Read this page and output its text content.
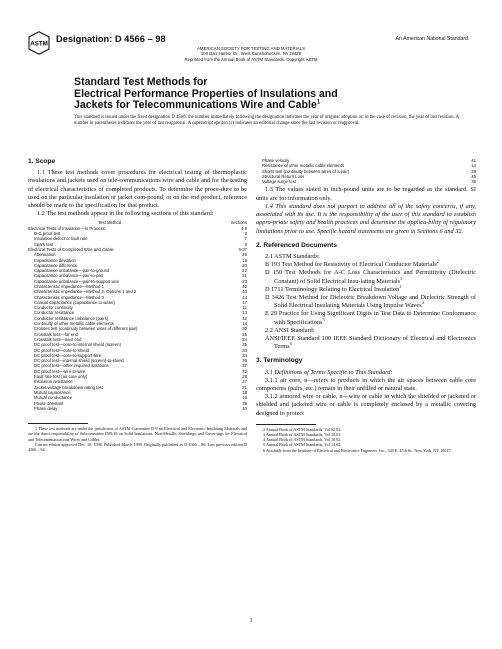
ASTM Designation: D 4566 – 98	An American National Standard
AMERICAN SOCIETY FOR TESTING AND MATERIALS
100 Barr Harbor Dr., West Conshohocken, PA 19428
Reprinted from the Annual Book of ASTM Standards. Copyright ASTM
Standard Test Methods for
Electrical Performance Properties of Insulations and
Jackets for Telecommunications Wire and Cable$^1$
This standard is issued under the fixed designation D 4566; the number immediately following the designation indicates the year of original adoption or, in the case of revision, the year of last revision. A number in parentheses indicates the year of last reapproval. A superscript epsilon (ε) indicates an editorial change since the last revision or reapproval.
1. Scope

1.1 These test methods cover procedures for electrical testing of thermoplastic insulations and jackets used on tele-communications wire and cable and for the testing of electrical characteristics of completed products. To determine the proce-dure to be used on the particular insulation or jacket com-pound, or on the end product, reference should be made to the specification for that product.

1.2 The test methods appear in the following sections of this standard:

Test Method	Sections
Electrical Tests of Insulation—In Process:	4-8
D-C proof test	8
Insulation defect or fault rate	7
Spark test	6
Electrical Tests of Completed Wire and Cable:	9-37
Attenuation	26
Capacitance deviation	19
Capacitance difference	20
Capacitance unbalance—pair-to-ground	22
Capacitance unbalance—pair-to-pair	21
Capacitance unbalance—pair-to-support wire	23
Characteristic impedance—Method 1	42
Characteristic impedance—Method 2, Options 1 and 2	43
Characteristic impedance—Method 3	44
Coaxial capacitance (capacitance to water)	17
Conductor continuity	11
Conductor resistance	13
Conductor resistance unbalance (pairs)	12
Continuity of other metallic cable elements	14
Crosses test (continuity between wires of different pair)	30
Crosstalk loss—far end	25
Crosstalk loss—near end	24
DC proof test—core-to-internal shield (screen)	35
DC proof test—core-to-shield	33
DC proof test—core-to-support wire	34
DC proof test—internal shield (screen)-to-shield	36
DC proof test—other required isolations	37
DC proof test—wire-to-wire	32
Fault rate test (air core only)	28
Insulation resistance	27
Jacket voltage breakdown rating test	31
Mutual capacitance	18
Mutual conductance	16
Phase constant	39
Phase delay	40
1 These test methods are under the jurisdiction of ASTM Committee D-9 on Electrical and Electronic Insulating Materials and are the direct responsibility of Subcommittee D09.18 on Solid Insulations, Non-Metallic Shieldings, and Cover-ings for Electrical and Telecommunications Wires and Cables.
Current edition approved Dec. 10, 1998. Published March 1999. Originally published as D 4566 – 86. Last previous edition D 4566 – 94.
Phase velocity	41
Resistance of other metallic cable elements	14
Shorts test (continuity between wires of a pair)	29
Structural Return Loss	45
Voltage surge test	38

1.3 The values stated in inch-pound units are to be regarded as the standard. SI units are for information only.

1.4 This standard does not purport to address all of the safety concerns, if any, associated with its use. It is the responsibility of the user of this standard to establish appro-priate safety and health practices and determine the applica-bility of regulatory limitations prior to use. Specific hazard statements are given in Sections 6 and 32.

2. Referenced Documents

2.1 ASTM Standards:

B 193 Test Method for Resistivity of Electrical Conductor Materials$^2$

D 150 Test Methods for A-C Loss Characteristics and Permittivity (Dielectric Constant) of Solid Electrical Insu-lating Materials$^3$

D 1711 Terminology Relating to Electrical Insulation$^3$

D 3426 Test Method for Dielectric Breakdown Voltage and Dielectric Strength of Solid Electrical Insulating Materials Using Impulse Waves$^4$

E 29 Practice for Using Significant Digits in Test Data to Determine Conformance with Specifications$^5$

2.2 ANSI Standard:

ANSI/IEEE Standard 100 IEEE Standard Dictionary of Electrical and Electronics Terms$^6$

3. Terminology

3.1 Definitions of Terms Specific to This Standard:

3.1.1 air core, n—refers to products in which the air spaces between cable core components (pairs, etc.) remain in their unfilled or natural state.

3.1.2 armored wire or cable, n—wire or cable in which the shielded or jacketed or shielded and jacketed wire or cable is completely enclosed by a metallic covering designed to protect

2 Annual Book of ASTM Standards, Vol 02.03.
3 Annual Book of ASTM Standards, Vol 10.01.
4 Annual Book of ASTM Standards, Vol 10.02.
5 Annual Book of ASTM Standards, Vol 14.02.
6 Available from the Institute of Electrical and Electronics Engineers, Inc., 345 E. 47th St., New York, NY 10017.
1
